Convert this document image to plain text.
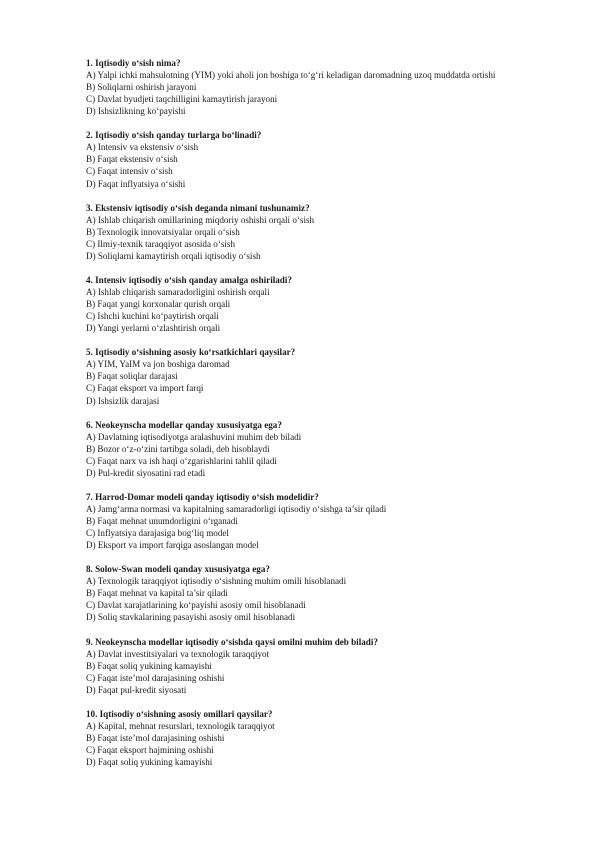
1. Iqtisodiy o‘sish nima?
A) Yalpi ichki mahsulotning (YIM) yoki aholi jon boshiga to‘g‘ri keladigan daromadning uzoq muddatda ortishi
B) Soliqlarni oshirish jarayoni
C) Davlat byudjeti taqchilligini kamaytirish jarayoni
D) Ishsizlikning ko‘payishi
2. Iqtisodiy o‘sish qanday turlarga bo‘linadi?
A) Intensiv va ekstensiv o‘sish
B) Faqat ekstensiv o‘sish
C) Faqat intensiv o‘sish
D) Faqat inflyatsiya o‘sishi
3. Ekstensiv iqtisodiy o‘sish deganda nimani tushunamiz?
A) Ishlab chiqarish omillarining miqdoriy oshishi orqali o‘sish
B) Texnologik innovatsiyalar orqali o‘sish
C) Ilmiy-texnik taraqqiyot asosida o‘sish
D) Soliqlarni kamaytirish orqali iqtisodiy o‘sish
4. Intensiv iqtisodiy o‘sish qanday amalga oshiriladi?
A) Ishlab chiqarish samaradorligini oshirish orqali
B) Faqat yangi korxonalar qurish orqali
C) Ishchi kuchini ko‘paytirish orqali
D) Yangi yerlarni o‘zlashtirish orqali
5. Iqtisodiy o‘sishning asosiy ko‘rsatkichlari qaysilar?
A) YIM, YaIM va jon boshiga daromad
B) Faqat soliqlar darajasi
C) Faqat eksport va import farqi
D) Ishsizlik darajasi
6. Neokeynscha modellar qanday xususiyatga ega?
A) Davlatning iqtisodiyotga aralashuvini muhim deb biladi
B) Bozor o‘z-o‘zini tartibga soladi, deb hisoblaydi
C) Faqat narx va ish haqi o‘zgarishlarini tahlil qiladi
D) Pul-kredit siyosatini rad etadi
7. Harrod-Domar modeli qanday iqtisodiy o‘sish modelidir?
A) Jamg‘arma normasi va kapitalning samaradorligi iqtisodiy o‘sishga ta’sir qiladi
B) Faqat mehnat unumdorligini o‘rganadi
C) Inflyatsiya darajasiga bog‘liq model
D) Eksport va import farqiga asoslangan model
8. Solow-Swan modeli qanday xususiyatga ega?
A) Texnologik taraqqiyot iqtisodiy o‘sishning muhim omili hisoblanadi
B) Faqat mehnat va kapital ta’sir qiladi
C) Davlat xarajatlarining ko‘payishi asosiy omil hisoblanadi
D) Soliq stavkalarining pasayishi asosiy omil hisoblanadi
9. Neokeynscha modellar iqtisodiy o‘sishda qaysi omilni muhim deb biladi?
A) Davlat investitsiyalari va texnologik taraqqiyot
B) Faqat soliq yukining kamayishi
C) Faqat iste’mol darajasining oshishi
D) Faqat pul-kredit siyosati
10. Iqtisodiy o‘sishning asosiy omillari qaysilar?
A) Kapital, mehnat resurslari, texnologik taraqqiyot
B) Faqat iste’mol darajasining oshishi
C) Faqat eksport hajmining oshishi
D) Faqat soliq yukining kamayishi
